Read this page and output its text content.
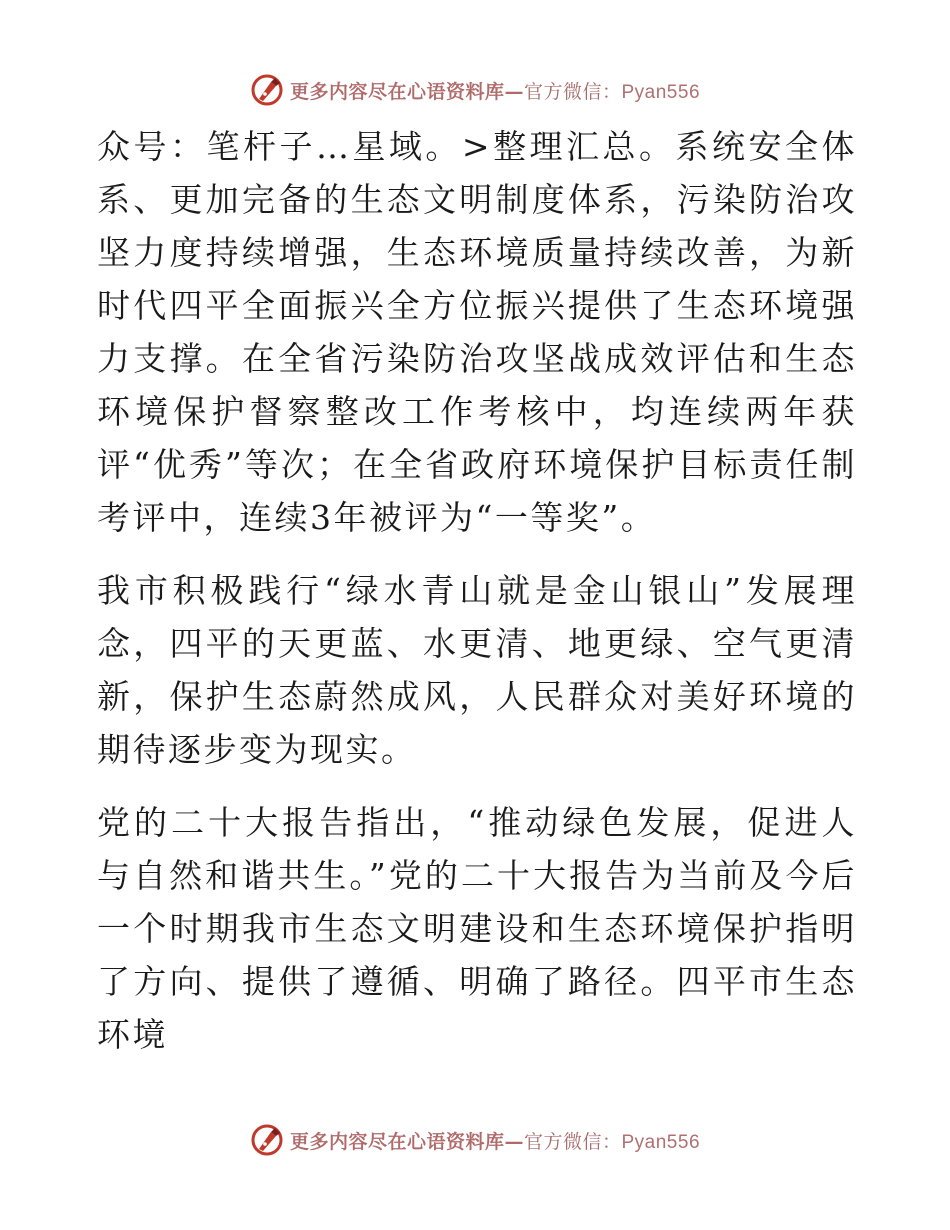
更多内容尽在心语资料库—官方微信：Pyan556

众号：笔杆子…星域。>整理汇总。系统安全体系、更加完备的生态文明制度体系，污染防治攻坚力度持续增强，生态环境质量持续改善，为新时代四平全面振兴全方位振兴提供了生态环境强力支撑。在全省污染防治攻坚战成效评估和生态环境保护督察整改工作考核中，均连续两年获评“优秀”等次；在全省政府环境保护目标责任制考评中，连续3年被评为“一等奖”。

我市积极践行“绿水青山就是金山银山”发展理念，四平的天更蓝、水更清、地更绿、空气更清新，保护生态蔚然成风，人民群众对美好环境的期待逐步变为现实。

党的二十大报告指出，“推动绿色发展，促进人与自然和谐共生。”党的二十大报告为当前及今后一个时期我市生态文明建设和生态环境保护指明了方向、提供了遵循、明确了路径。四平市生态环境

更多内容尽在心语资料库—官方微信：Pyan556
